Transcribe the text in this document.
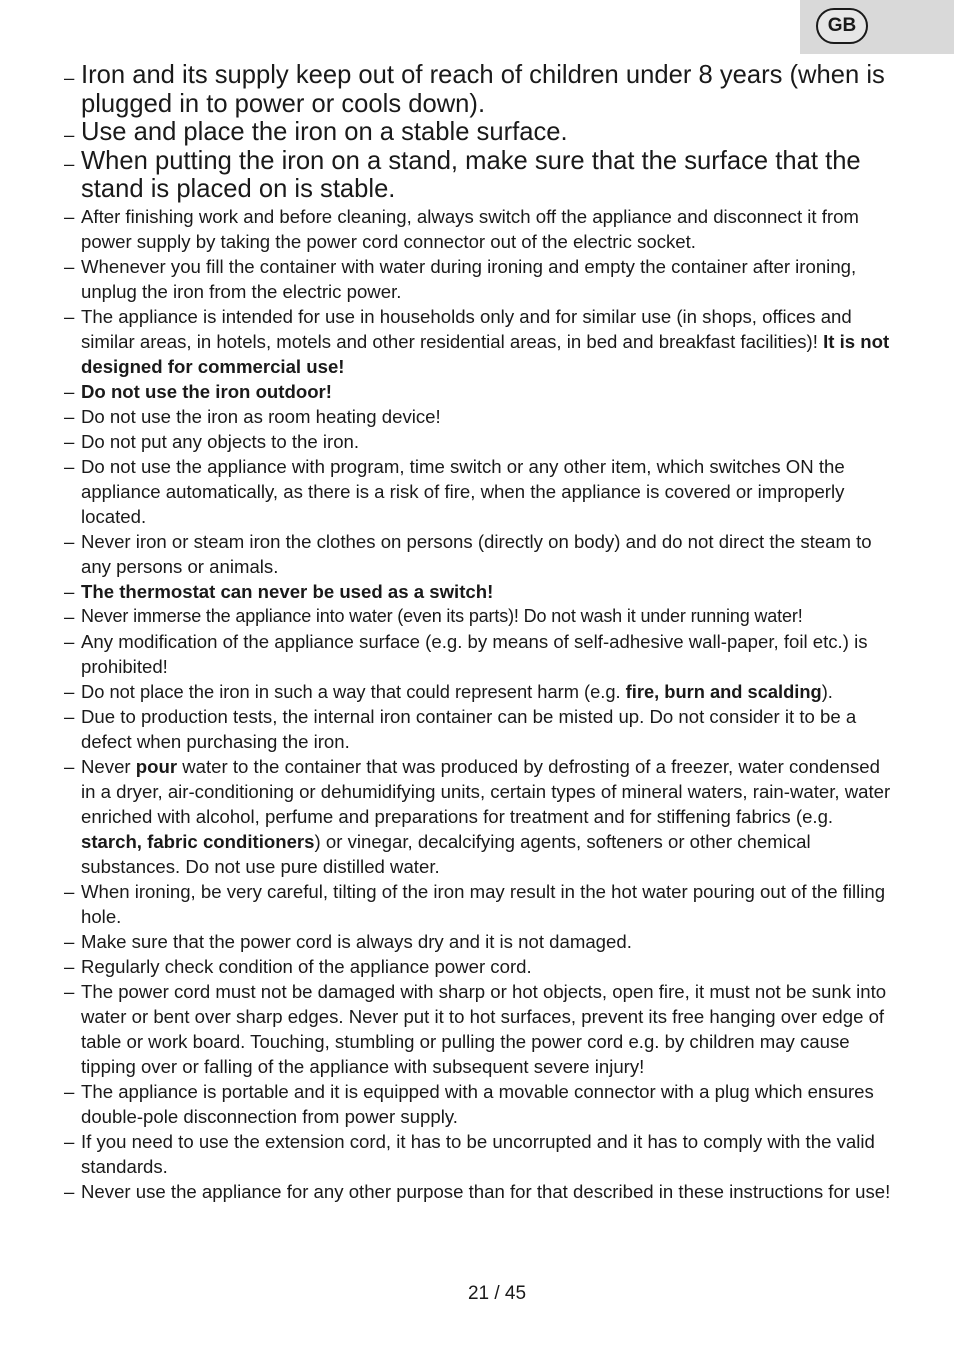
GB
– Iron and its supply keep out of reach of children under 8 years (when is plugged in to power or cools down).
– Use and place the iron on a stable surface.
– When putting the iron on a stand, make sure that the surface that the stand is placed on is stable.
– After finishing work and before cleaning, always switch off the appliance and disconnect it from power supply by taking the power cord connector out of the electric socket.
– Whenever you fill the container with water during ironing and empty the container after ironing, unplug the iron from the electric power.
– The appliance is intended for use in households only and for similar use (in shops, offices and similar areas, in hotels, motels and other residential areas, in bed and breakfast facilities)! It is not designed for commercial use!
– Do not use the iron outdoor!
– Do not use the iron as room heating device!
– Do not put any objects to the iron.
– Do not use the appliance with program, time switch or any other item, which switches ON the appliance automatically, as there is a risk of fire, when the appliance is covered or improperly located.
– Never iron or steam iron the clothes on persons (directly on body) and do not direct the steam to any persons or animals.
– The thermostat can never be used as a switch!
– Never immerse the appliance into water (even its parts)! Do not wash it under running water!
– Any modification of the appliance surface (e.g. by means of self-adhesive wall-paper, foil etc.) is prohibited!
– Do not place the iron in such a way that could represent harm (e.g. fire, burn and scalding).
– Due to production tests, the internal iron container can be misted up. Do not consider it to be a defect when purchasing the iron.
– Never pour water to the container that was produced by defrosting of a freezer, water condensed in a dryer, air-conditioning or dehumidifying units, certain types of mineral waters, rain-water, water enriched with alcohol, perfume and preparations for treatment and for stiffening fabrics (e.g. starch, fabric conditioners) or vinegar, decalcifying agents, softeners or other chemical substances. Do not use pure distilled water.
– When ironing, be very careful, tilting of the iron may result in the hot water pouring out of the filling hole.
– Make sure that the power cord is always dry and it is not damaged.
– Regularly check condition of the appliance power cord.
– The power cord must not be damaged with sharp or hot objects, open fire, it must not be sunk into water or bent over sharp edges. Never put it to hot surfaces, prevent its free hanging over edge of table or work board. Touching, stumbling or pulling the power cord e.g. by children may cause tipping over or falling of the appliance with subsequent severe injury!
– The appliance is portable and it is equipped with a movable connector with a plug which ensures double-pole disconnection from power supply.
– If you need to use the extension cord, it has to be uncorrupted and it has to comply with the valid standards.
– Never use the appliance for any other purpose than for that described in these instructions for use!
21 / 45
